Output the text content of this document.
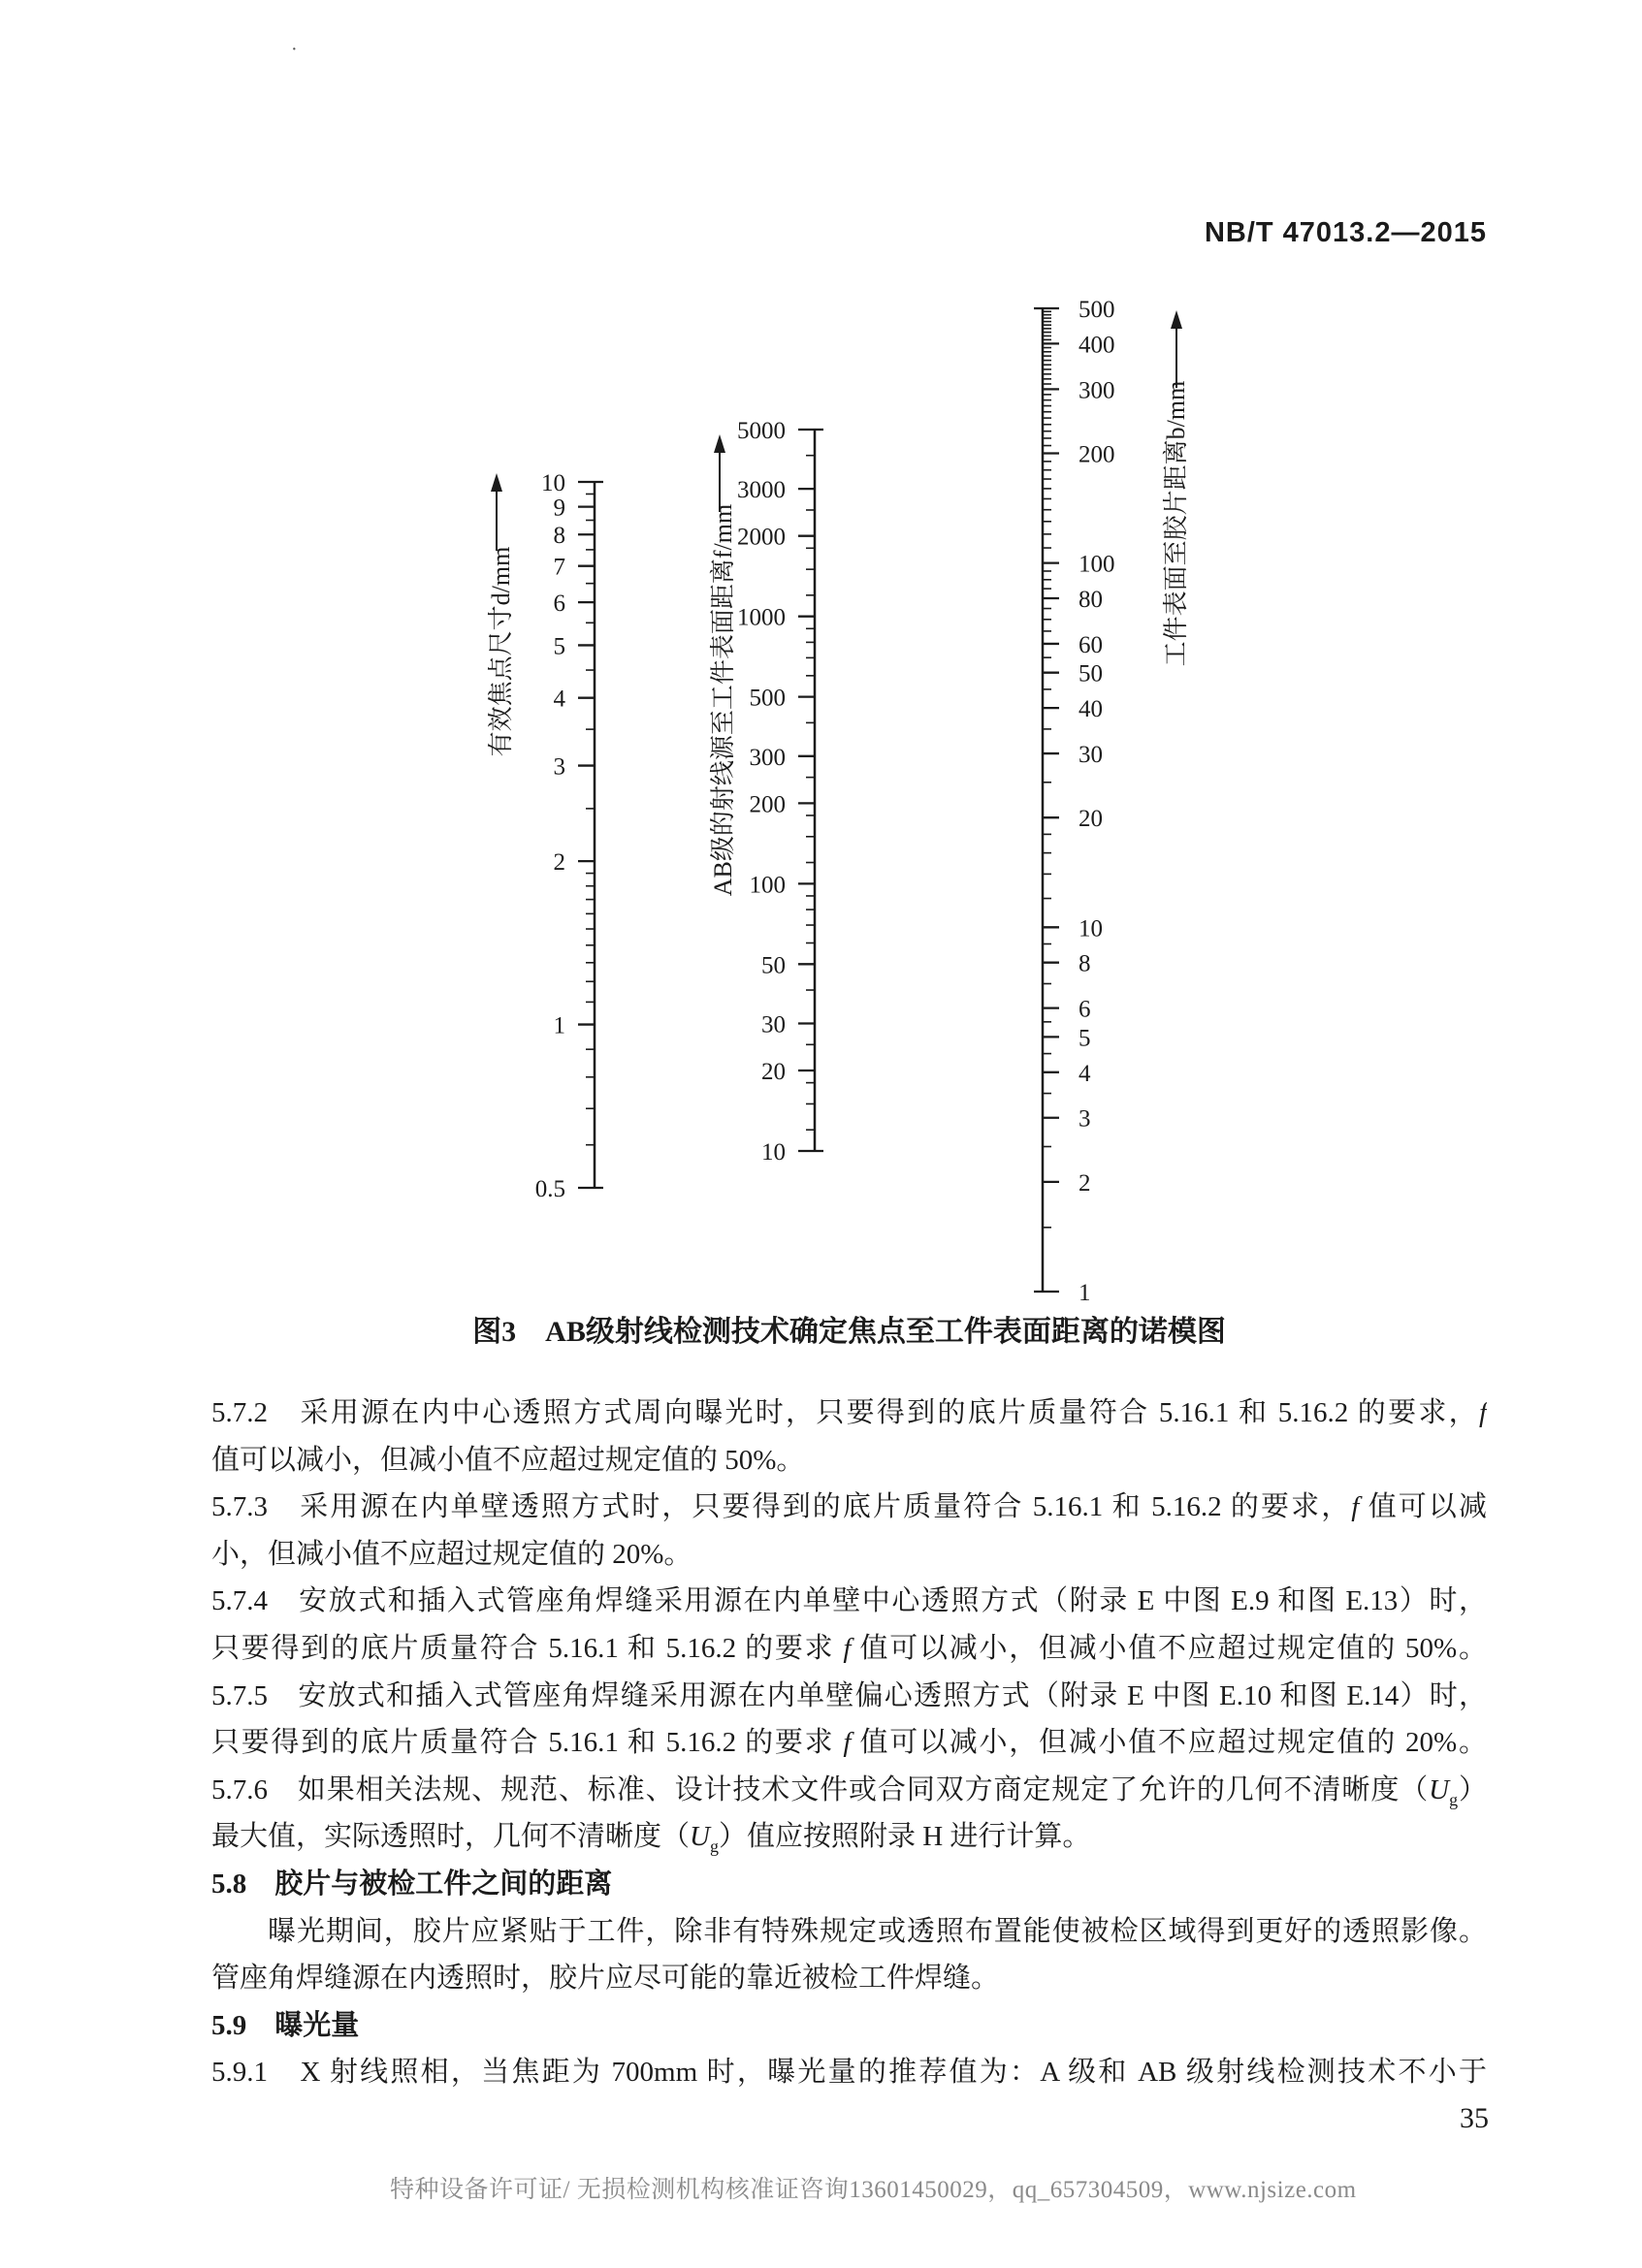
·
NB/T 47013.2—2015
10
9
8
7
6
5
4
3
2
1
0.5
有效焦点尺寸d/mm
5000
3000
2000
1000
500
300
200
100
50
30
20
10
AB级的射线源至工件表面距离f/mm
500
400
300
200
100
80
60
50
40
30
20
10
8
6
5
4
3
2
1
工件表面至胶片距离b/mm
图3　AB级射线检测技术确定焦点至工件表面距离的诺模图
5.7.2　采用源在内中心透照方式周向曝光时，只要得到的底片质量符合 5.16.1 和 5.16.2 的要求，f
值可以减小，但减小值不应超过规定值的 50%。
5.7.3　采用源在内单壁透照方式时，只要得到的底片质量符合 5.16.1 和 5.16.2 的要求，f 值可以减
小，但减小值不应超过规定值的 20%。
5.7.4　安放式和插入式管座角焊缝采用源在内单壁中心透照方式（附录 E 中图 E.9 和图 E.13）时，
只要得到的底片质量符合 5.16.1 和 5.16.2 的要求 f 值可以减小，但减小值不应超过规定值的 50%。
5.7.5　安放式和插入式管座角焊缝采用源在内单壁偏心透照方式（附录 E 中图 E.10 和图 E.14）时，
只要得到的底片质量符合 5.16.1 和 5.16.2 的要求 f 值可以减小，但减小值不应超过规定值的 20%。
5.7.6　如果相关法规、规范、标准、设计技术文件或合同双方商定规定了允许的几何不清晰度$(U_g)$
最大值，实际透照时，几何不清晰度$(U_g)$值应按照附录 H 进行计算。
5.8　胶片与被检工件之间的距离
曝光期间，胶片应紧贴于工件，除非有特殊规定或透照布置能使被检区域得到更好的透照影像。
管座角焊缝源在内透照时，胶片应尽可能的靠近被检工件焊缝。
5.9　曝光量
5.9.1　X 射线照相，当焦距为 700mm 时，曝光量的推荐值为：A 级和 AB 级射线检测技术不小于
35
特种设备许可证/ 无损检测机构核准证咨询13601450029，qq_657304509，www.njsize.com
